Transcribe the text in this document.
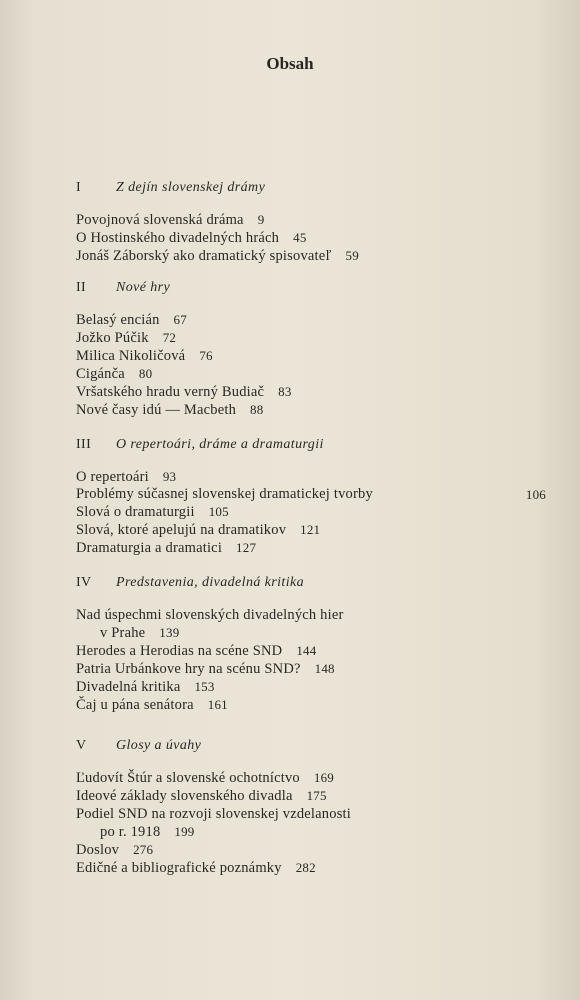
Obsah
I Z dejín slovenskej drámy
Povojnová slovenská dráma 9
O Hostinského divadelných hrách 45
Jonáš Záborský ako dramatický spisovateľ 59
II Nové hry
Belasý encián 67
Jožko Púčik 72
Milica Nikoličová 76
Cigánča 80
Vršatského hradu verný Budiač 83
Nové časy idú — Macbeth 88
III O repertoári, dráme a dramaturgii
O repertoári 93
Problémy súčasnej slovenskej dramatickej tvorby	106
Slová o dramaturgii 105
Slová, ktoré apelujú na dramatikov 121
Dramaturgia a dramatici 127
IV Predstavenia, divadelná kritika
Nad úspechmi slovenských divadelných hier
v Prahe 139
Herodes a Herodias na scéne SND 144
Patria Urbánkove hry na scénu SND? 148
Divadelná kritika 153
Čaj u pána senátora 161
V Glosy a úvahy
Ľudovít Štúr a slovenské ochotníctvo 169
Ideové základy slovenského divadla 175
Podiel SND na rozvoji slovenskej vzdelanosti
po r. 1918 199
Doslov 276
Edičné a bibliografické poznámky 282
